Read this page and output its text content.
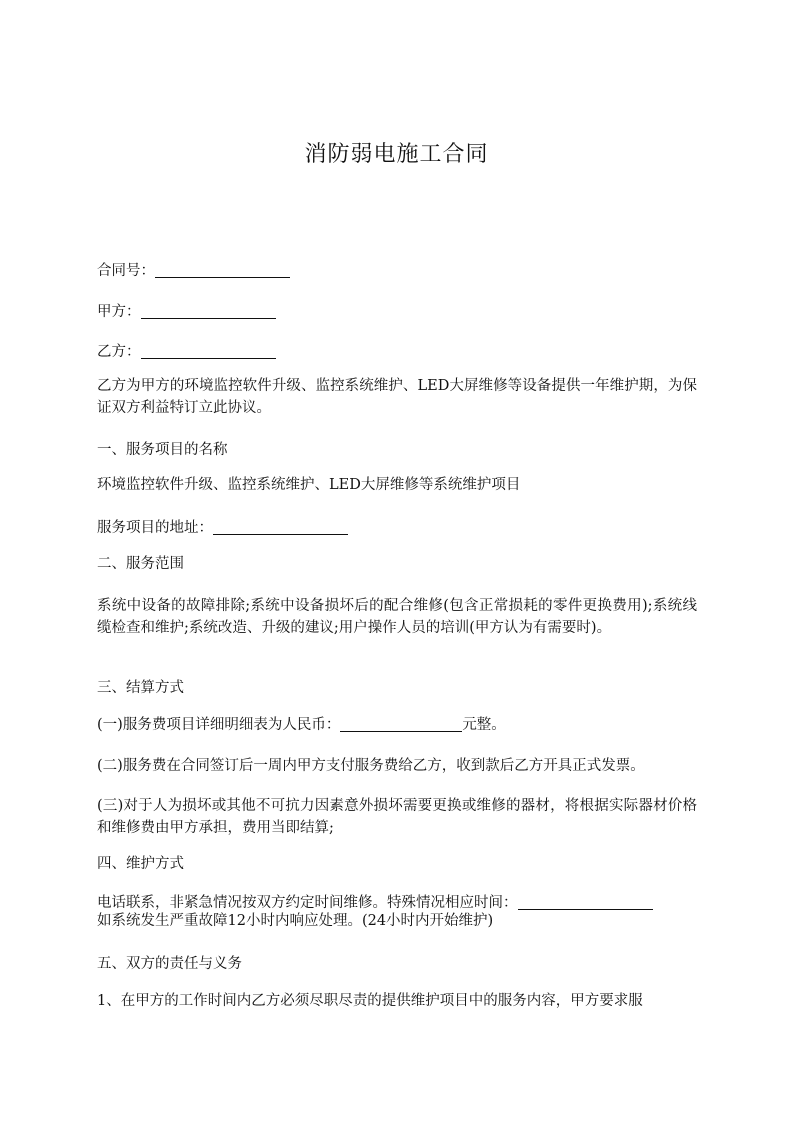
消防弱电施工合同
合同号：
甲方：
乙方：
乙方为甲方的环境监控软件升级、监控系统维护、LED大屏维修等设备提供一年维护期，为保证双方利益特订立此协议。
一、服务项目的名称
环境监控软件升级、监控系统维护、LED大屏维修等系统维护项目
服务项目的地址：
二、服务范围
系统中设备的故障排除;系统中设备损坏后的配合维修(包含正常损耗的零件更换费用);系统线缆检查和维护;系统改造、升级的建议;用户操作人员的培训(甲方认为有需要时)。
三、结算方式
(一)服务费项目详细明细表为人民币：	元整。
(二)服务费在合同签订后一周内甲方支付服务费给乙方，收到款后乙方开具正式发票。
(三)对于人为损坏或其他不可抗力因素意外损坏需要更换或维修的器材，将根据实际器材价格和维修费由甲方承担，费用当即结算;
四、维护方式
电话联系，非紧急情况按双方约定时间维修。特殊情况相应时间：
如系统发生严重故障12小时内响应处理。(24小时内开始维护)
五、双方的责任与义务
1、在甲方的工作时间内乙方必须尽职尽责的提供维护项目中的服务内容，甲方要求服
